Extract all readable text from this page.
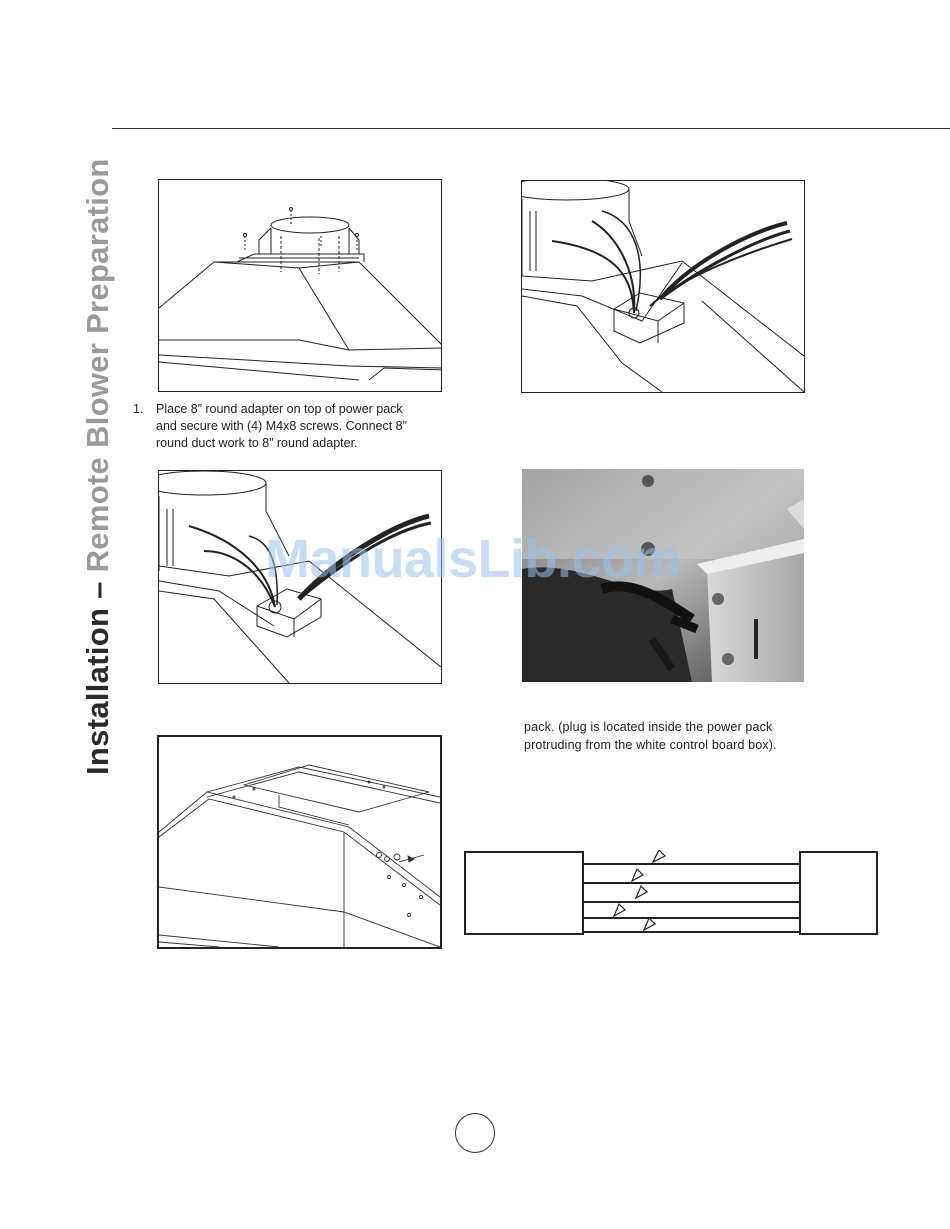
Installation – Remote Blower Preparation 1. Place 8” round adapter on top of power pack
and secure with (4) M4x8 screws. Connect 8”
round duct work to 8” round adapter.
ManualsLib.com
pack. (plug is located inside the power pack
protruding from the white control board box).
